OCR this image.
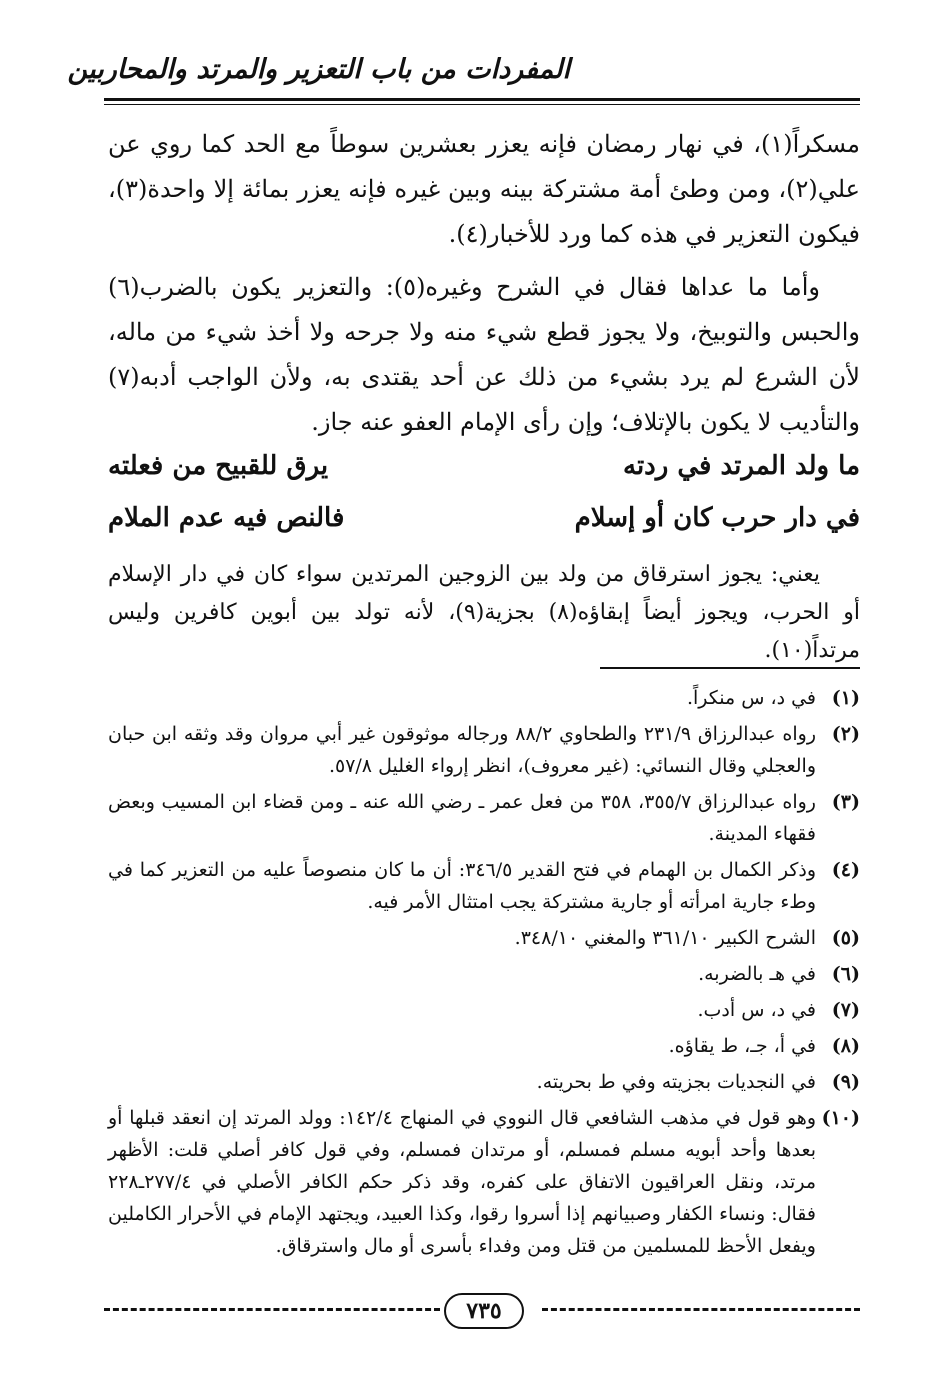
المفردات من باب التعزير والمرتد والمحاربين

مسكراً(١)، في نهار رمضان فإنه يعزر بعشرين سوطاً مع الحد كما روي عن علي(٢)، ومن وطئ أمة مشتركة بينه وبين غيره فإنه يعزر بمائة إلا واحدة(٣)، فيكون التعزير في هذه كما ورد للأخبار(٤).

وأما ما عداها فقال في الشرح وغيره(٥): والتعزير يكون بالضرب(٦) والحبس والتوبيخ، ولا يجوز قطع شيء منه ولا جرحه ولا أخذ شيء من ماله، لأن الشرع لم يرد بشيء من ذلك عن أحد يقتدى به، ولأن الواجب أدبه(٧) والتأديب لا يكون بالإتلاف؛ وإن رأى الإمام العفو عنه جاز.

ما ولد المرتد في ردته
يرق للقبيح من فعلته
في دار حرب كان أو إسلام
فالنص فيه عدم الملام

يعني: يجوز استرقاق من ولد بين الزوجين المرتدين سواء كان في دار الإسلام أو الحرب، ويجوز أيضاً إبقاؤه(٨) بجزية(٩)، لأنه تولد بين أبوين كافرين وليس مرتداً(١٠).

(١)
في د، س منكراً.
(٢)
رواه عبدالرزاق ٢٣١/٩ والطحاوي ٨٨/٢ ورجاله موثوقون غير أبي مروان وقد وثقه ابن حبان والعجلي وقال النسائي: (غير معروف)، انظر إرواء الغليل ٥٧/٨.
(٣)
رواه عبدالرزاق ٣٥٥/٧، ٣٥٨ من فعل عمر ـ رضي الله عنه ـ ومن قضاء ابن المسيب وبعض فقهاء المدينة.
(٤)
وذكر الكمال بن الهمام في فتح القدير ٣٤٦/٥: أن ما كان منصوصاً عليه من التعزير كما في وطء جارية امرأته أو جارية مشتركة يجب امتثال الأمر فيه.
(٥)
الشرح الكبير ٣٦١/١٠ والمغني ٣٤٨/١٠.
(٦)
في هـ بالضربه.
(٧)
في د، س أدب.
(٨)
في أ، جـ، ط يقاؤه.
(٩)
في النجديات بجزيته وفي ط بحريته.
(١٠)
وهو قول في مذهب الشافعي قال النووي في المنهاج ١٤٢/٤: وولد المرتد إن انعقد قبلها أو بعدها وأحد أبويه مسلم فمسلم، أو مرتدان فمسلم، وفي قول كافر أصلي قلت: الأظهر مرتد، ونقل العراقيون الاتفاق على كفره، وقد ذكر حكم الكافر الأصلي في ٢٧٧/٤ـ٢٢٨ فقال: ونساء الكفار وصبيانهم إذا أسروا رقوا، وكذا العبيد، ويجتهد الإمام في الأحرار الكاملين ويفعل الأحظ للمسلمين من قتل ومن وفداء بأسرى أو مال واسترقاق.
٧٣٥
